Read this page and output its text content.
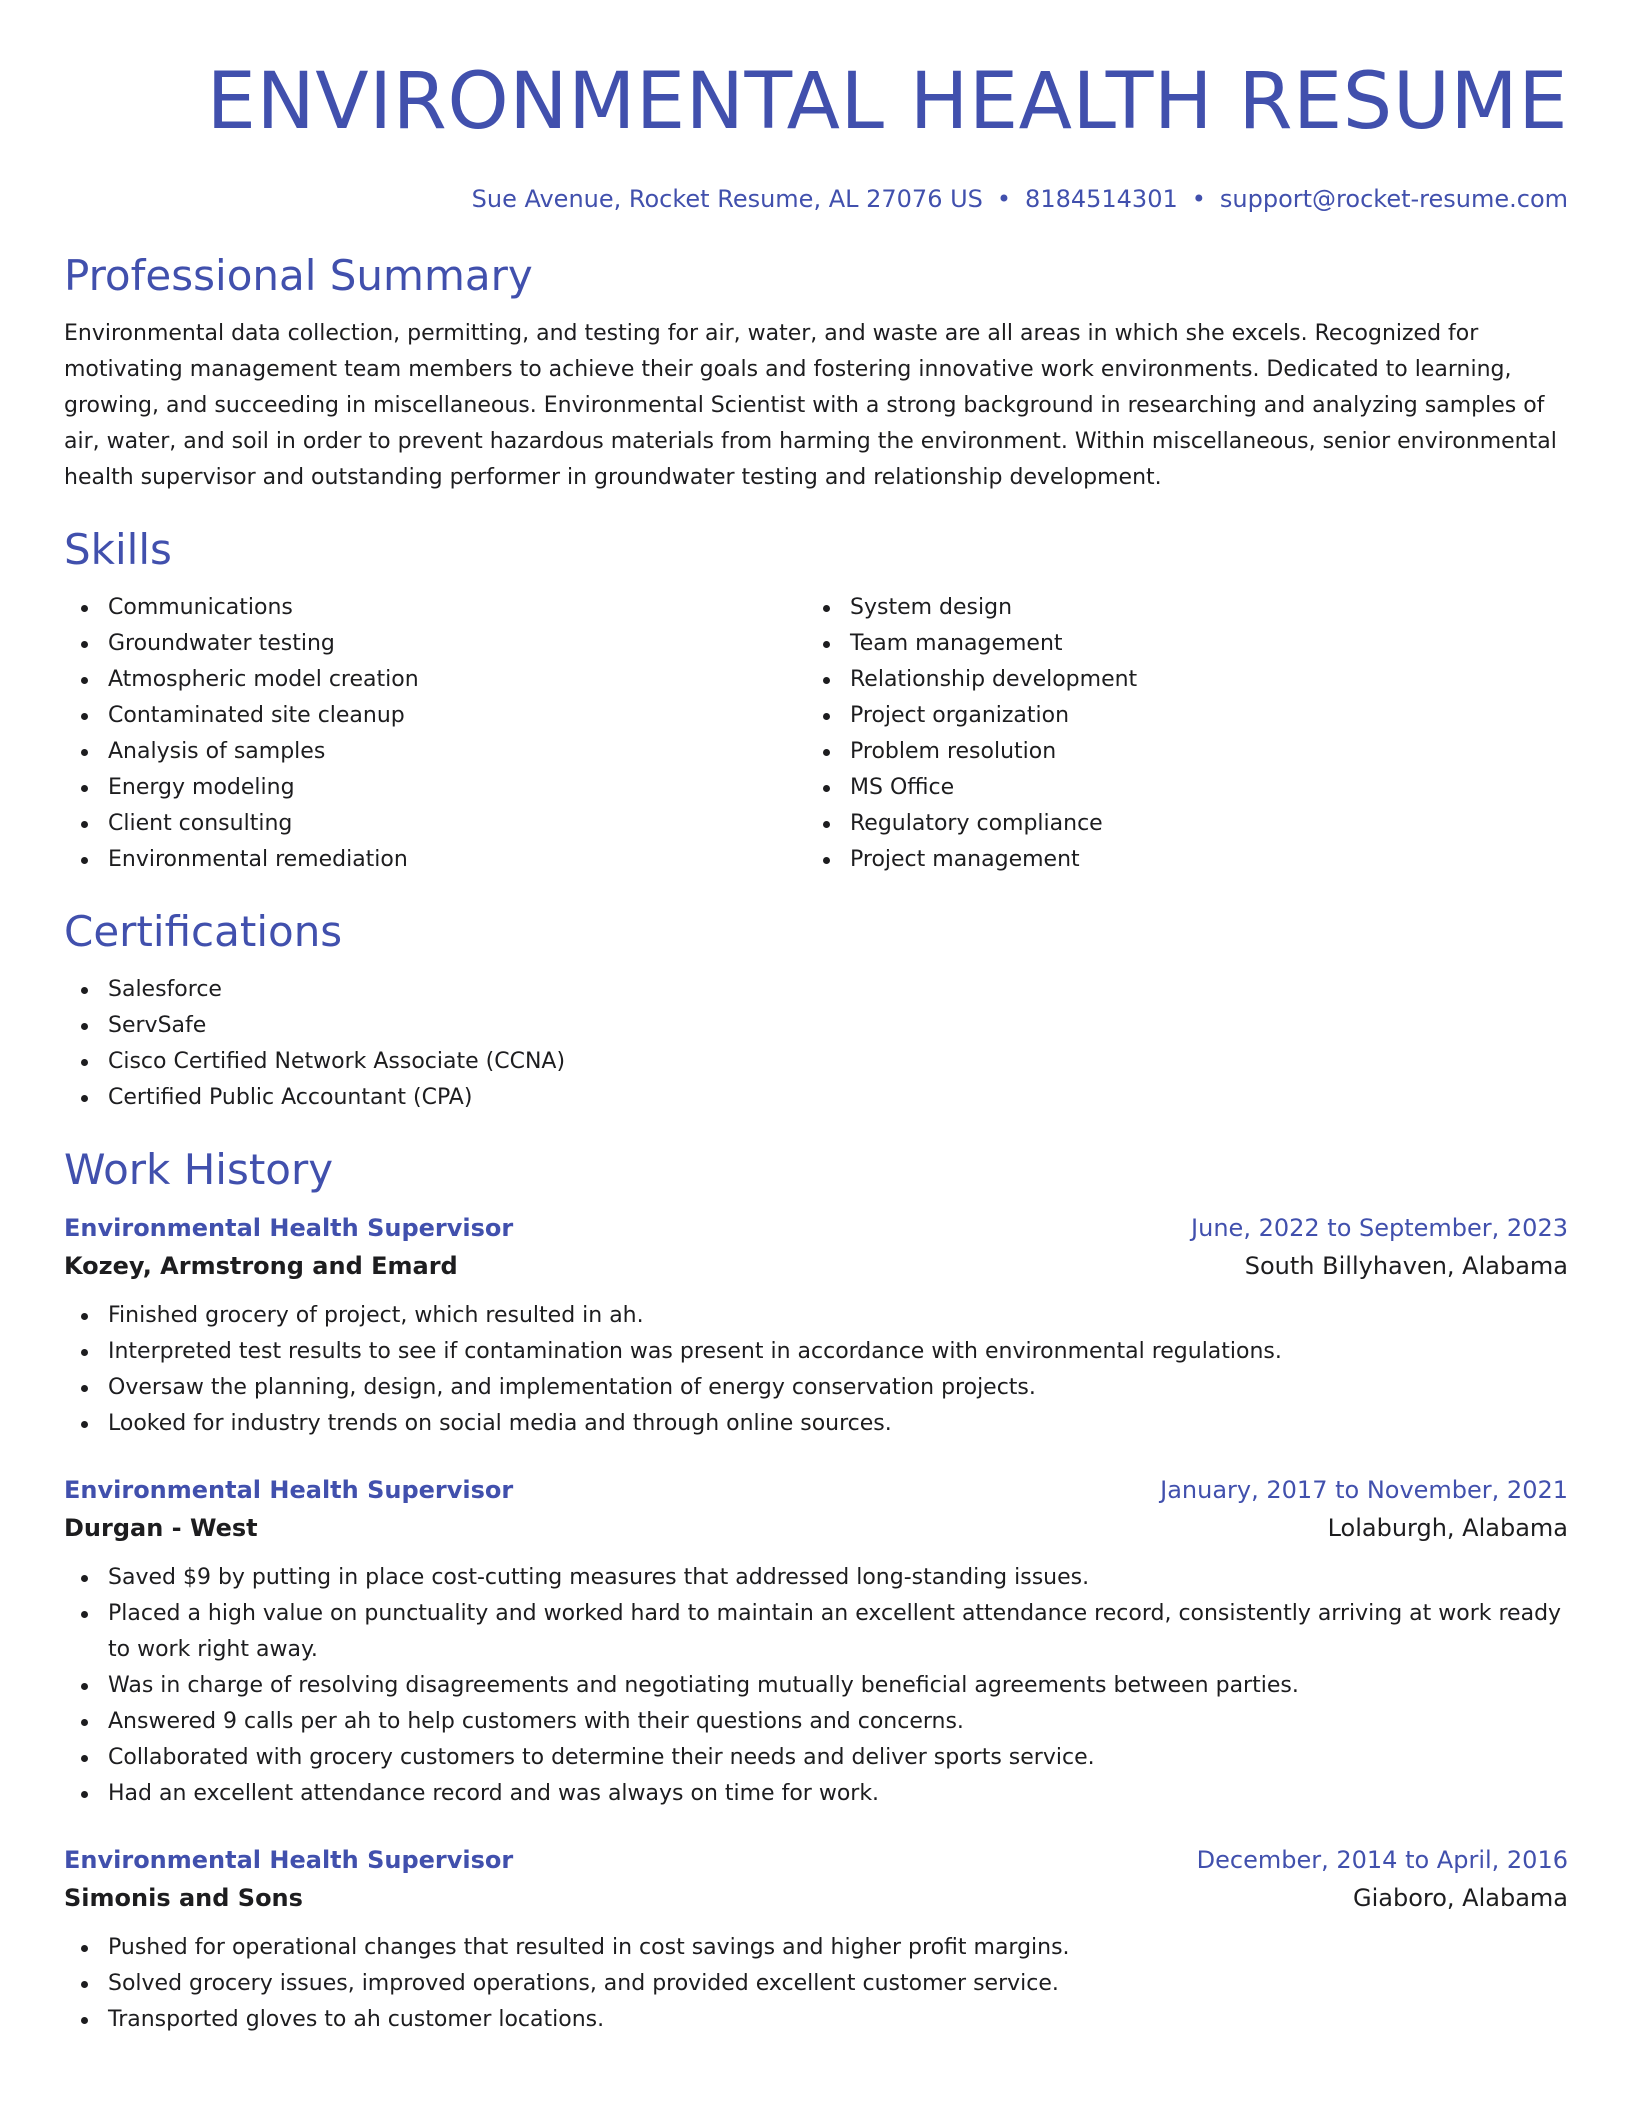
ENVIRONMENTAL HEALTH RESUME
Sue Avenue, Rocket Resume, AL 27076 US • 8184514301 • support@rocket-resume.com
Professional Summary

Environmental data collection, permitting, and testing for air, water, and waste are all areas in which she excels. Recognized for motivating management team members to achieve their goals and fostering innovative work environments. Dedicated to learning, growing, and succeeding in miscellaneous. Environmental Scientist with a strong background in researching and analyzing samples of air, water, and soil in order to prevent hazardous materials from harming the environment. Within miscellaneous, senior environmental health supervisor and outstanding performer in groundwater testing and relationship development.

Skills
Communications
Groundwater testing
Atmospheric model creation
Contaminated site cleanup
Analysis of samples
Energy modeling
Client consulting
Environmental remediation
System design
Team management
Relationship development
Project organization
Problem resolution
MS Office
Regulatory compliance
Project management
Certifications
Salesforce
ServSafe
Cisco Certified Network Associate (CCNA)
Certified Public Accountant (CPA)
Work History
Environmental Health Supervisor	June, 2022 to September, 2023
Kozey, Armstrong and Emard	South Billyhaven, Alabama
Finished grocery of project, which resulted in ah.
Interpreted test results to see if contamination was present in accordance with environmental regulations.
Oversaw the planning, design, and implementation of energy conservation projects.
Looked for industry trends on social media and through online sources.
Environmental Health Supervisor	January, 2017 to November, 2021
Durgan - West	Lolaburgh, Alabama
Saved $9 by putting in place cost-cutting measures that addressed long-standing issues.
Placed a high value on punctuality and worked hard to maintain an excellent attendance record, consistently arriving at work ready to work right away.
Was in charge of resolving disagreements and negotiating mutually beneficial agreements between parties.
Answered 9 calls per ah to help customers with their questions and concerns.
Collaborated with grocery customers to determine their needs and deliver sports service.
Had an excellent attendance record and was always on time for work.
Environmental Health Supervisor	December, 2014 to April, 2016
Simonis and Sons	Giaboro, Alabama
Pushed for operational changes that resulted in cost savings and higher profit margins.
Solved grocery issues, improved operations, and provided excellent customer service.
Transported gloves to ah customer locations.
